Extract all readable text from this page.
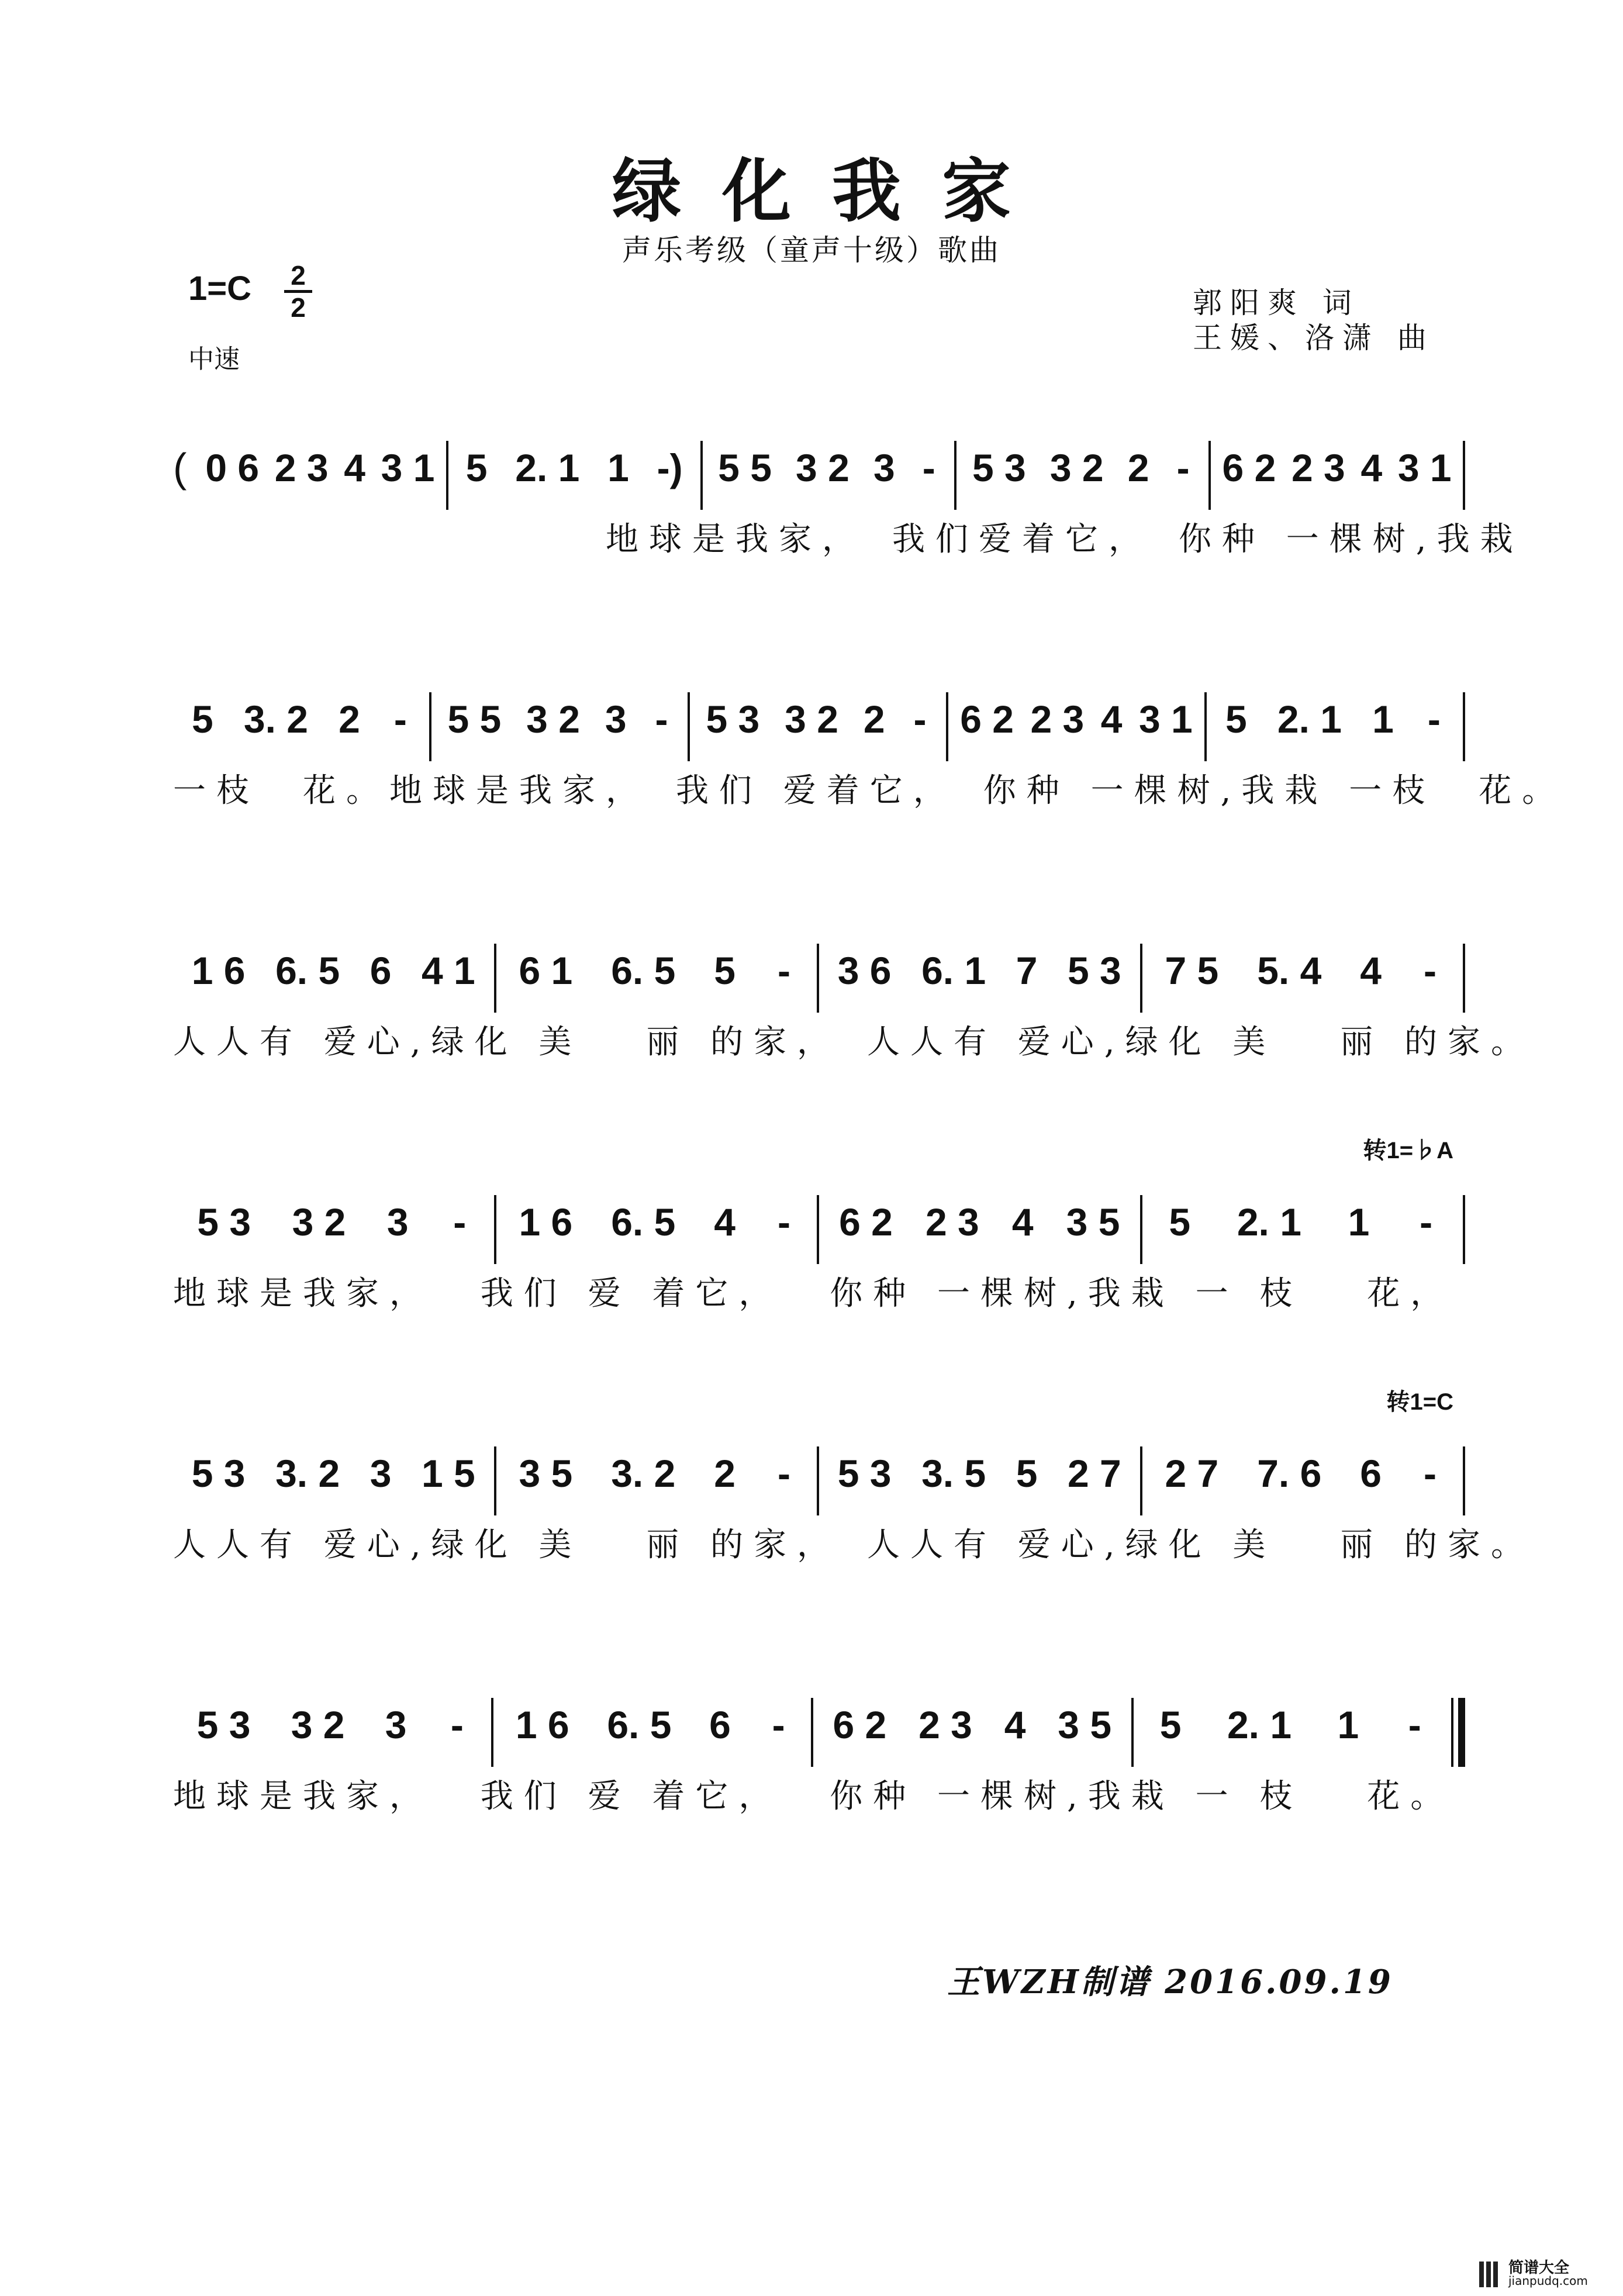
绿化我家
声乐考级（童声十级）歌曲
1=C	2
2
中速
郭阳爽 词
王媛、洛潇 曲
( 0 6 2 3 4 3 1 5 2. 1 1 -) 5 5 3 2 3 - 5 3 3 2 2 - 6 2 2 3 4 3 1
　　　　　　　　　　地球是我家，　我们爱着它，　你种 一棵树,我栽
5 3. 2 2 - 5 5 3 2 3 - 5 3 3 2 2 - 6 2 2 3 4 3 1 5 2. 1 1 -
一枝　花。地球是我家，　我们 爱着它，　你种 一棵树,我栽 一枝　花。
1 6 6. 5 6 4 1 6 1 6. 5 5 - 3 6 6. 1 7 5 3 7 5 5. 4 4 -
人人有 爱心,绿化 美　 丽 的家，　人人有 爱心,绿化 美　 丽 的家。
转1=♭A
5 3 3 2 3 - 1 6 6. 5 4 - 6 2 2 3 4 3 5 5 2. 1 1 -
地球是我家，　 我们 爱 着它，　 你种 一棵树,我栽 一 枝　 花，
转1=C
5 3 3. 2 3 1 5 3 5 3. 2 2 - 5 3 3. 5 5 2 7 2 7 7. 6 6 -
人人有 爱心,绿化 美　 丽 的家，　人人有 爱心,绿化 美　 丽 的家。
5 3 3 2 3 - 1 6 6. 5 6 - 6 2 2 3 4 3 5 5 2. 1 1 -
地球是我家，　 我们 爱 着它，　 你种 一棵树,我栽 一 枝　 花。
王WZH制谱 2016.09.19
简谱大全
jianpudq.com
